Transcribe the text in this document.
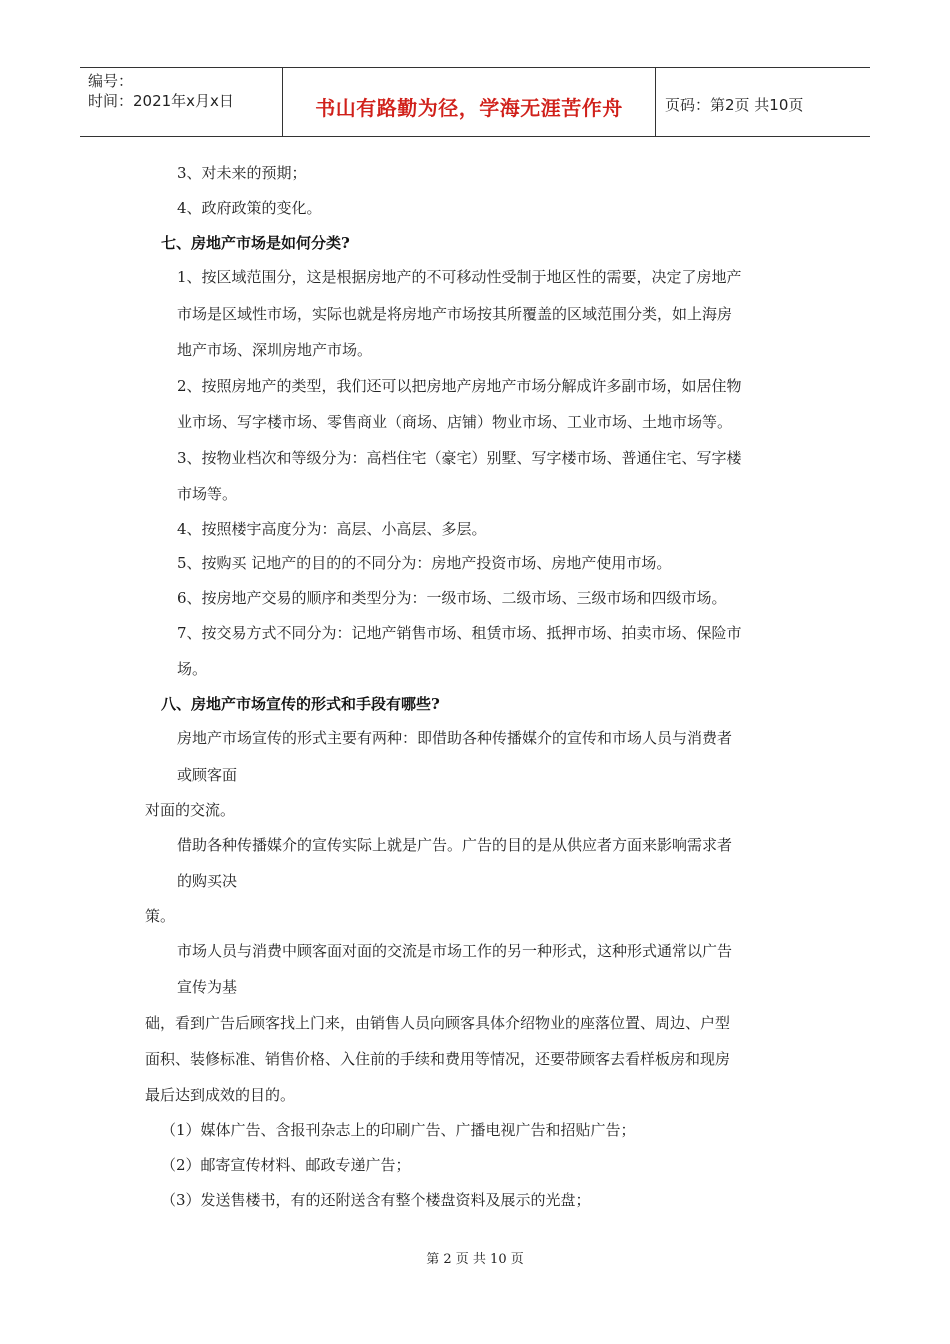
编号：
时间：2021年x月x日	书山有路勤为径，学海无涯苦作舟	页码：第2页 共10页
3、对未来的预期；
4、政府政策的变化。
七、房地产市场是如何分类?
1、按区域范围分，这是根据房地产的不可移动性受制于地区性的需要，决定了房地产
市场是区域性市场，实际也就是将房地产市场按其所覆盖的区域范围分类，如上海房
地产市场、深圳房地产市场。
2、按照房地产的类型，我们还可以把房地产房地产市场分解成许多副市场，如居住物
业市场、写字楼市场、零售商业（商场、店铺）物业市场、工业市场、土地市场等。
3、按物业档次和等级分为：高档住宅（豪宅）别墅、写字楼市场、普通住宅、写字楼
市场等。
4、按照楼宇高度分为：高层、小高层、多层。
5、按购买 记地产的目的的不同分为：房地产投资市场、房地产使用市场。
6、按房地产交易的顺序和类型分为：一级市场、二级市场、三级市场和四级市场。
7、按交易方式不同分为：记地产销售市场、租赁市场、抵押市场、拍卖市场、保险市
场。
八、房地产市场宣传的形式和手段有哪些?
房地产市场宣传的形式主要有两种：即借助各种传播媒介的宣传和市场人员与消费者
或顾客面
对面的交流。
借助各种传播媒介的宣传实际上就是广告。广告的目的是从供应者方面来影响需求者
的购买决
策。
市场人员与消费中顾客面对面的交流是市场工作的另一种形式，这种形式通常以广告
宣传为基
础，看到广告后顾客找上门来，由销售人员向顾客具体介绍物业的座落位置、周边、户型
面积、装修标准、销售价格、入住前的手续和费用等情况，还要带顾客去看样板房和现房
最后达到成效的目的。
（1）媒体广告、含报刊杂志上的印刷广告、广播电视广告和招贴广告；
（2）邮寄宣传材料、邮政专递广告；
（3）发送售楼书，有的还附送含有整个楼盘资料及展示的光盘；
第 2 页 共 10 页
